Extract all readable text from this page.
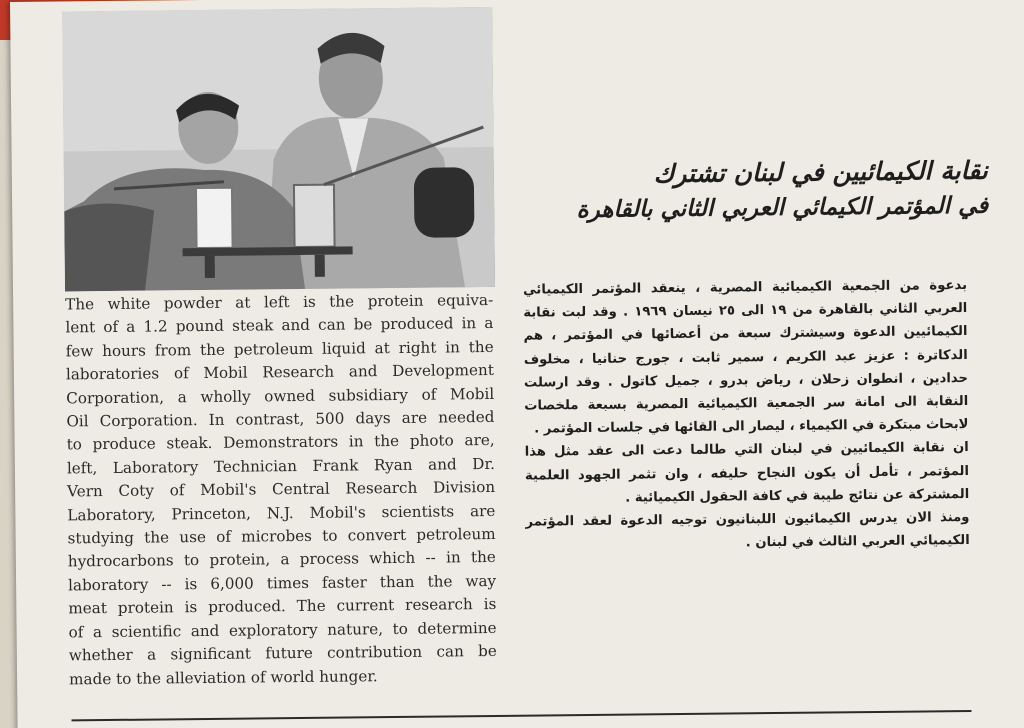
The white powder at left is the protein equiva-
lent of a 1.2 pound steak and can be produced in a
few hours from the petroleum liquid at right in the
laboratories of Mobil Research and Development
Corporation, a wholly owned subsidiary of Mobil
Oil Corporation. In contrast, 500 days are needed
to produce steak. Demonstrators in the photo are,
left, Laboratory Technician Frank Ryan and Dr.
Vern Coty of Mobil's Central Research Division
Laboratory, Princeton, N.J. Mobil's scientists are
studying the use of microbes to convert petroleum
hydrocarbons to protein, a process which -- in the
laboratory -- is 6,000 times faster than the way
meat protein is produced. The current research is
of a scientific and exploratory nature, to determine
whether a significant future contribution can be
made to the alleviation of world hunger.
نقابة الكيمائيين في لبنان تشترك
في المؤتمر الكيمائي العربي الثاني بالقاهرة

بدعوة من الجمعية الكيميائية المصرية ، ينعقد المؤتمر الكيميائي العربي الثاني بالقاهرة من ١٩ الى ٢٥ نيسان ١٩٦٩ . وقد لبت نقابة الكيمائيين الدعوة وسيشترك سبعة من أعضائها في المؤتمر ، هم الدكاترة : عزيز عبد الكريم ، سمير ثابت ، جورج حنانيا ، مخلوف حدادين ، انطوان زحلان ، رياض بدرو ، جميل كاتول . وقد ارسلت النقابة الى امانة سر الجمعية الكيميائية المصرية بسبعة ملخصات لابحاث مبتكرة في الكيمياء ، ليصار الى القائها في جلسات المؤتمر .

ان نقابة الكيمائيين في لبنان التي طالما دعت الى عقد مثل هذا المؤتمر ، تأمل أن يكون النجاح حليفه ، وان تثمر الجهود العلمية المشتركة عن نتائج طيبة في كافة الحقول الكيميائية .

ومنذ الان يدرس الكيمائيون اللبنانيون توجيه الدعوة لعقد المؤتمر الكيميائي العربي الثالث في لبنان .
